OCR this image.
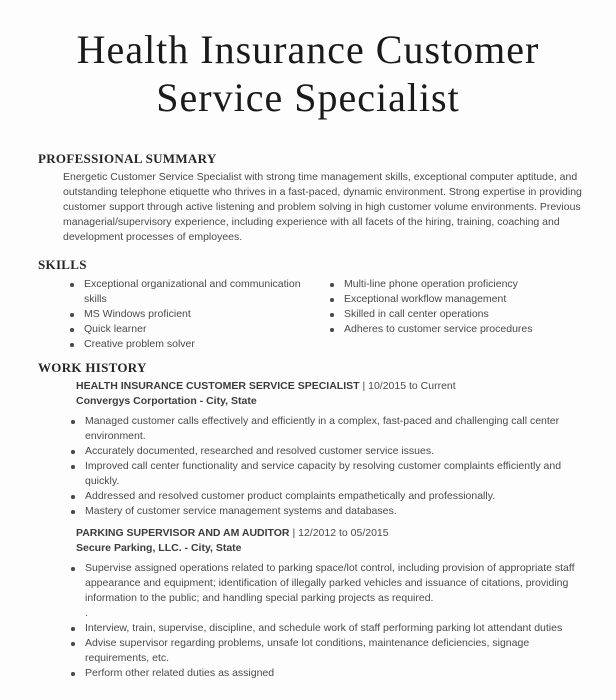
Health Insurance Customer
Service Specialist
PROFESSIONAL SUMMARY

Energetic Customer Service Specialist with strong time management skills, exceptional computer aptitude, and outstanding telephone etiquette who thrives in a fast-paced, dynamic environment. Strong expertise in providing customer support through active listening and problem solving in high customer volume environments. Previous managerial/supervisory experience, including experience with all facets of the hiring, training, coaching and development processes of employees.

SKILLS
Exceptional organizational and communication skills
MS Windows proficient
Quick learner
Creative problem solver
Multi-line phone operation proficiency
Exceptional workflow management
Skilled in call center operations
Adheres to customer service procedures
WORK HISTORY
HEALTH INSURANCE CUSTOMER SERVICE SPECIALIST | 10/2015 to Current
Convergys Corportation - City, State
Managed customer calls effectively and efficiently in a complex, fast-paced and challenging call center environment.
Accurately documented, researched and resolved customer service issues.
Improved call center functionality and service capacity by resolving customer complaints efficiently and quickly.
Addressed and resolved customer product complaints empathetically and professionally.
Mastery of customer service management systems and databases.
PARKING SUPERVISOR AND AM AUDITOR | 12/2012 to 05/2015
Secure Parking, LLC. - City, State
Supervise assigned operations related to parking space/lot control, including provision of appropriate staff appearance and equipment; identification of illegally parked vehicles and issuance of citations, providing information to the public; and handling special parking projects as required.
.
Interview, train, supervise, discipline, and schedule work of staff performing parking lot attendant duties
Advise supervisor regarding problems, unsafe lot conditions, maintenance deficiencies, signage requirements, etc.
Perform other related duties as assigned
